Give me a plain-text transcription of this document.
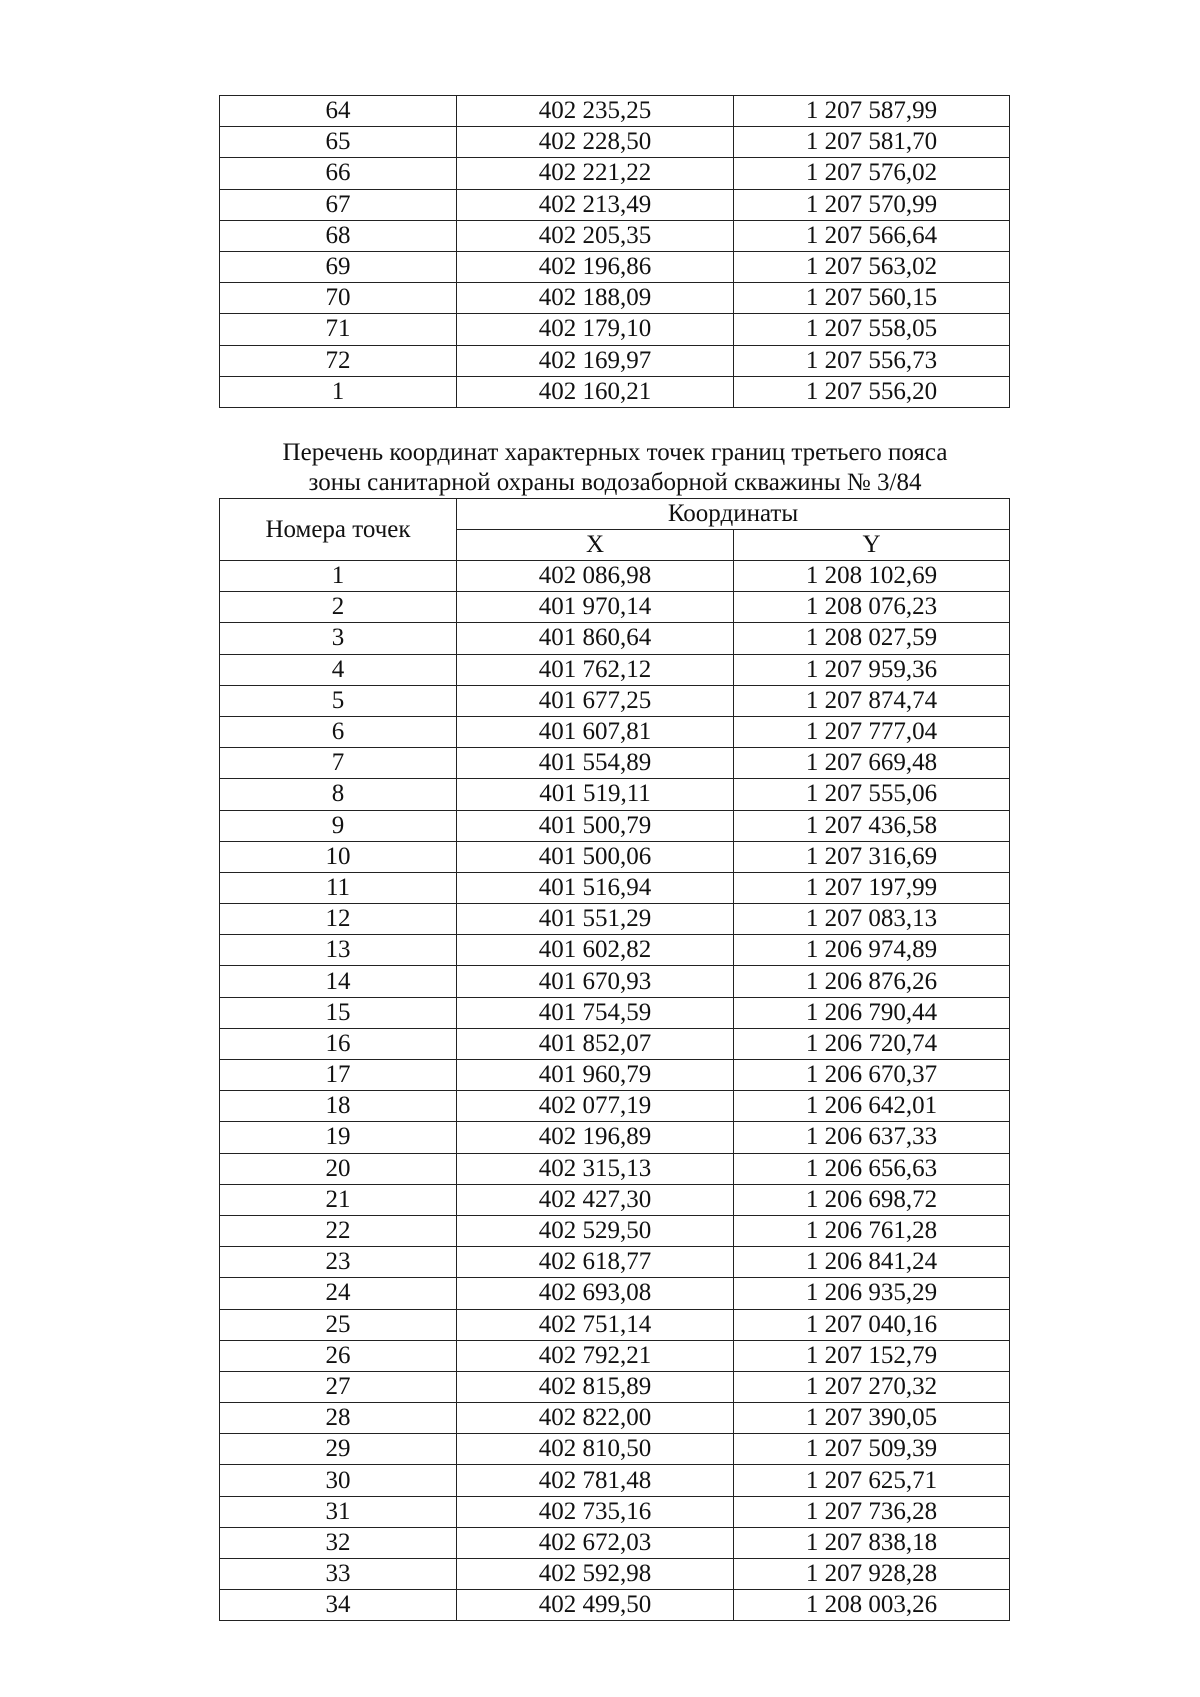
64	402 235,25	1 207 587,99
65	402 228,50	1 207 581,70
66	402 221,22	1 207 576,02
67	402 213,49	1 207 570,99
68	402 205,35	1 207 566,64
69	402 196,86	1 207 563,02
70	402 188,09	1 207 560,15
71	402 179,10	1 207 558,05
72	402 169,97	1 207 556,73
1	402 160,21	1 207 556,20
Перечень координат характерных точек границ третьего пояса
зоны санитарной охраны водозаборной скважины № 3/84
Номера точек	Координаты	
	X	Y
1	402 086,98	1 208 102,69
2	401 970,14	1 208 076,23
3	401 860,64	1 208 027,59
4	401 762,12	1 207 959,36
5	401 677,25	1 207 874,74
6	401 607,81	1 207 777,04
7	401 554,89	1 207 669,48
8	401 519,11	1 207 555,06
9	401 500,79	1 207 436,58
10	401 500,06	1 207 316,69
11	401 516,94	1 207 197,99
12	401 551,29	1 207 083,13
13	401 602,82	1 206 974,89
14	401 670,93	1 206 876,26
15	401 754,59	1 206 790,44
16	401 852,07	1 206 720,74
17	401 960,79	1 206 670,37
18	402 077,19	1 206 642,01
19	402 196,89	1 206 637,33
20	402 315,13	1 206 656,63
21	402 427,30	1 206 698,72
22	402 529,50	1 206 761,28
23	402 618,77	1 206 841,24
24	402 693,08	1 206 935,29
25	402 751,14	1 207 040,16
26	402 792,21	1 207 152,79
27	402 815,89	1 207 270,32
28	402 822,00	1 207 390,05
29	402 810,50	1 207 509,39
30	402 781,48	1 207 625,71
31	402 735,16	1 207 736,28
32	402 672,03	1 207 838,18
33	402 592,98	1 207 928,28
34	402 499,50	1 208 003,26
